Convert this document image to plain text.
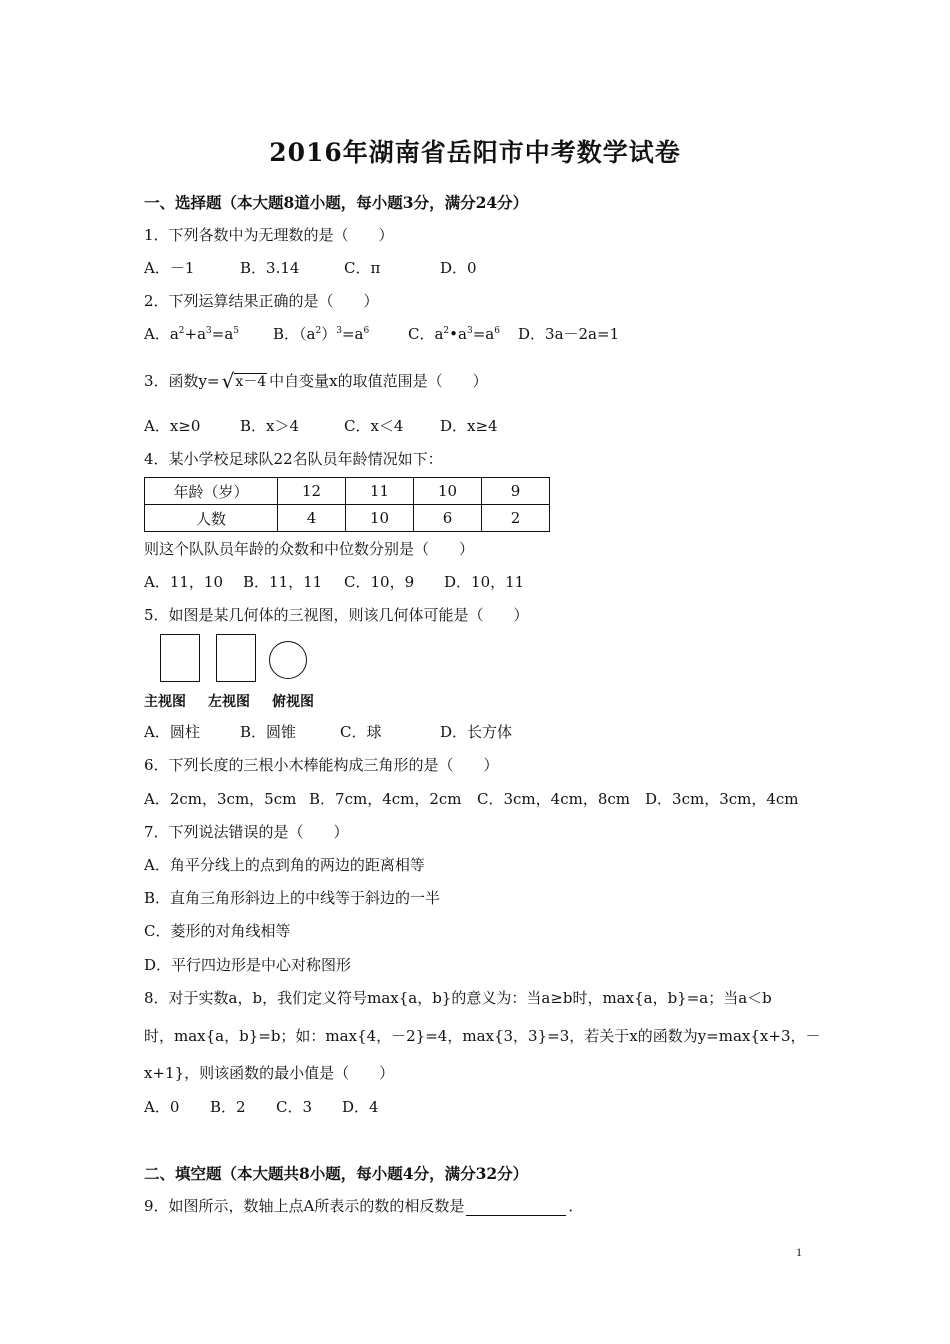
2016年湖南省岳阳市中考数学试卷
一、选择题（本大题8道小题，每小题3分，满分24分）
1．下列各数中为无理数的是（　　）
A．－1	B．3.14	C．π	D．0
2．下列运算结果正确的是（　　）
A．$a^2+a^3=a^5$ B．$(a^2)^3=a^6$	C．$a^2•a^3=a^6$ D．3a－2a=1
3．函数y= √x－4 中自变量x的取值范围是（　　）
A．x≥0	B．x＞4	C．x＜4 D．x≥4
4．某小学校足球队22名队员年龄情况如下：
年龄（岁）	12	11	10	9
人数	4	10	6	2
则这个队队员年龄的众数和中位数分别是（　　）
A．11，10 B．11，11 C．10，9 D．10，11
5．如图是某几何体的三视图，则该几何体可能是（　　）
主视图 左视图 俯视图
A．圆柱	B．圆锥	C．球	D．长方体
6．下列长度的三根小木棒能构成三角形的是（　　）
A．2cm，3cm，5cm B．7cm，4cm，2cm C．3cm，4cm，8cm D．3cm，3cm，4cm
7．下列说法错误的是（　　）
A．角平分线上的点到角的两边的距离相等
B．直角三角形斜边上的中线等于斜边的一半
C．菱形的对角线相等
D．平行四边形是中心对称图形
8．对于实数a，b，我们定义符号max{a，b}的意义为：当a≥b时，max{a，b}=a；当a＜b
时，max{a，b}=b；如：max{4，－2}=4，max{3，3}=3，若关于x的函数为y=max{x+3，－
x+1}，则该函数的最小值是（　　）
A．0 B．2 C．3 D．4
二、填空题（本大题共8小题，每小题4分，满分32分）
9．如图所示，数轴上点A所表示的数的相反数是	．
1
